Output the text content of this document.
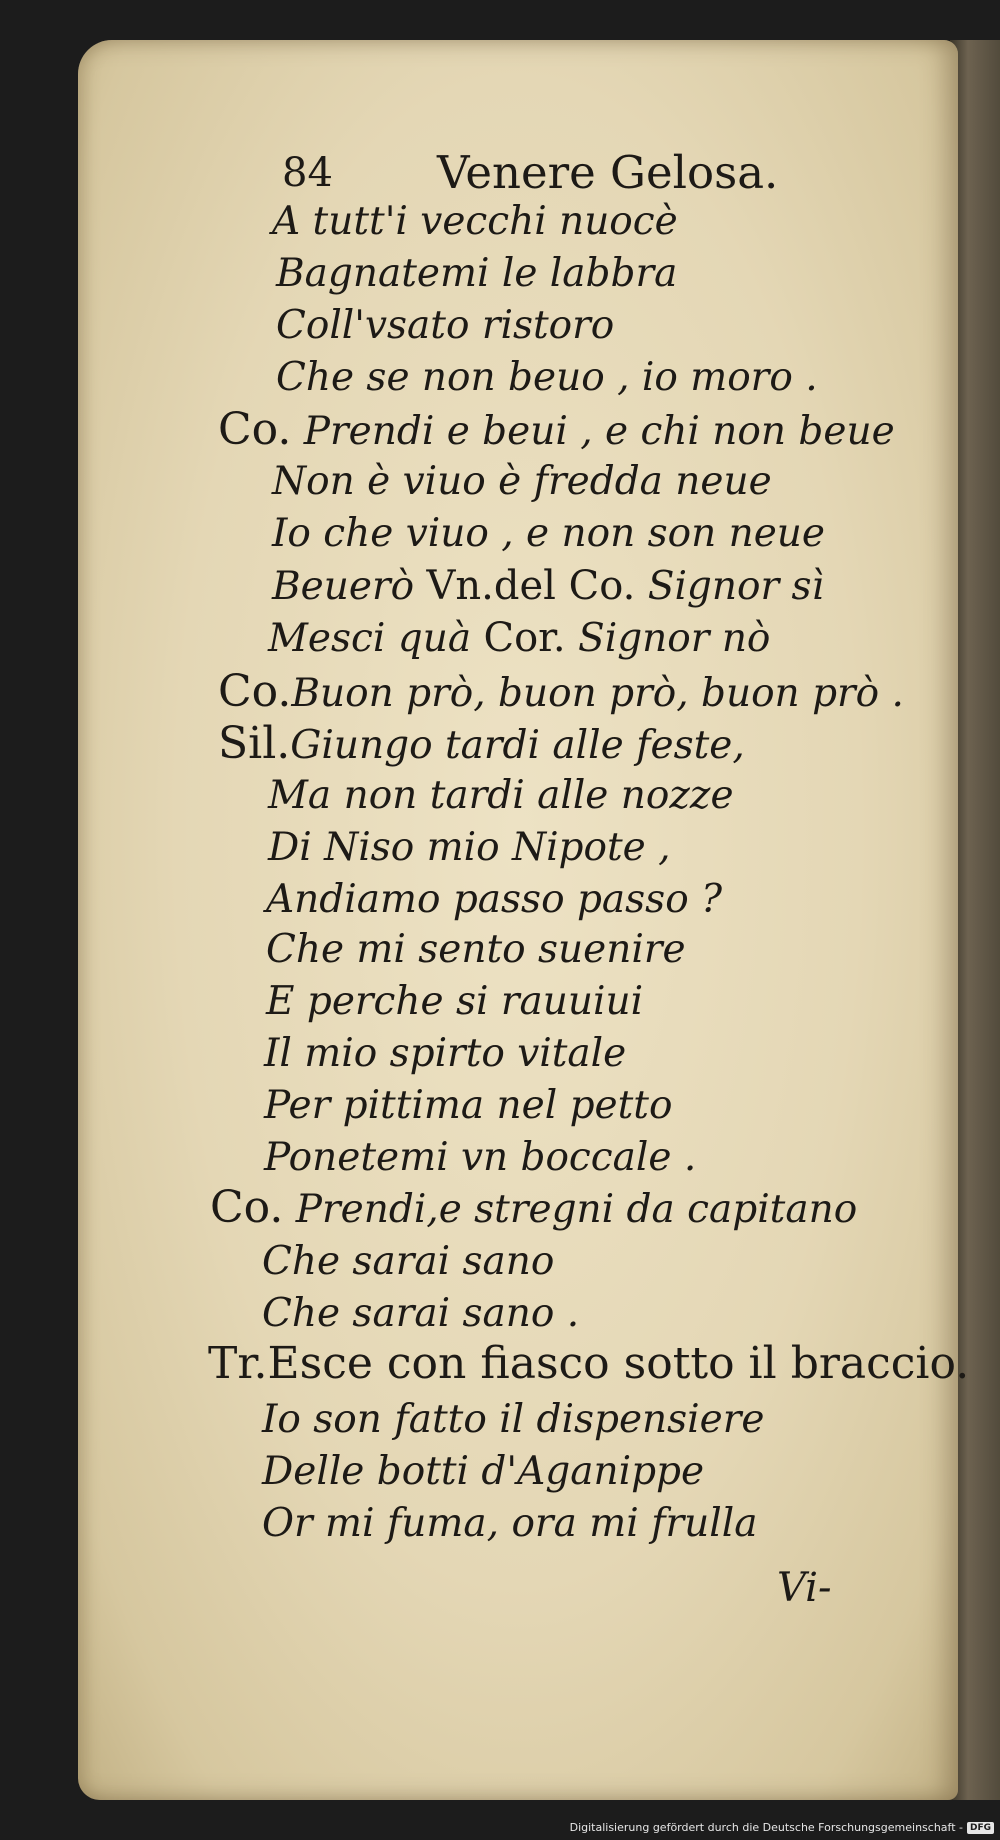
84 Venere Gelosa.
A tutt'i vecchi nuocè
Bagnatemi le labbra
Coll'vsato ristoro
Che se non beuo , io moro .
Co. Prendi e beui , e chi non beue
Non è viuo è fredda neue
Io che viuo , e non son neue
Beuerò Vn.del Co. Signor sì
Mesci quà Cor. Signor nò
Co.Buon prò, buon prò, buon prò .
Sil.Giungo tardi alle feste,
Ma non tardi alle nozze
Di Niso mio Nipote ,
Andiamo passo passo ?
Che mi sento suenire
E perche si rauuiui
Il mio spirto vitale
Per pittima nel petto
Ponetemi vn boccale .
Co. Prendi,e stregni da capitano
Che sarai sano
Che sarai sano .
Tr.Esce con fiasco sotto il braccio.
Io son fatto il dispensiere
Delle botti d'Aganippe
Or mi fuma, ora mi frulla
Vi-
Digitalisierung gefördert durch die Deutsche Forschungsgemeinschaft - DFG
